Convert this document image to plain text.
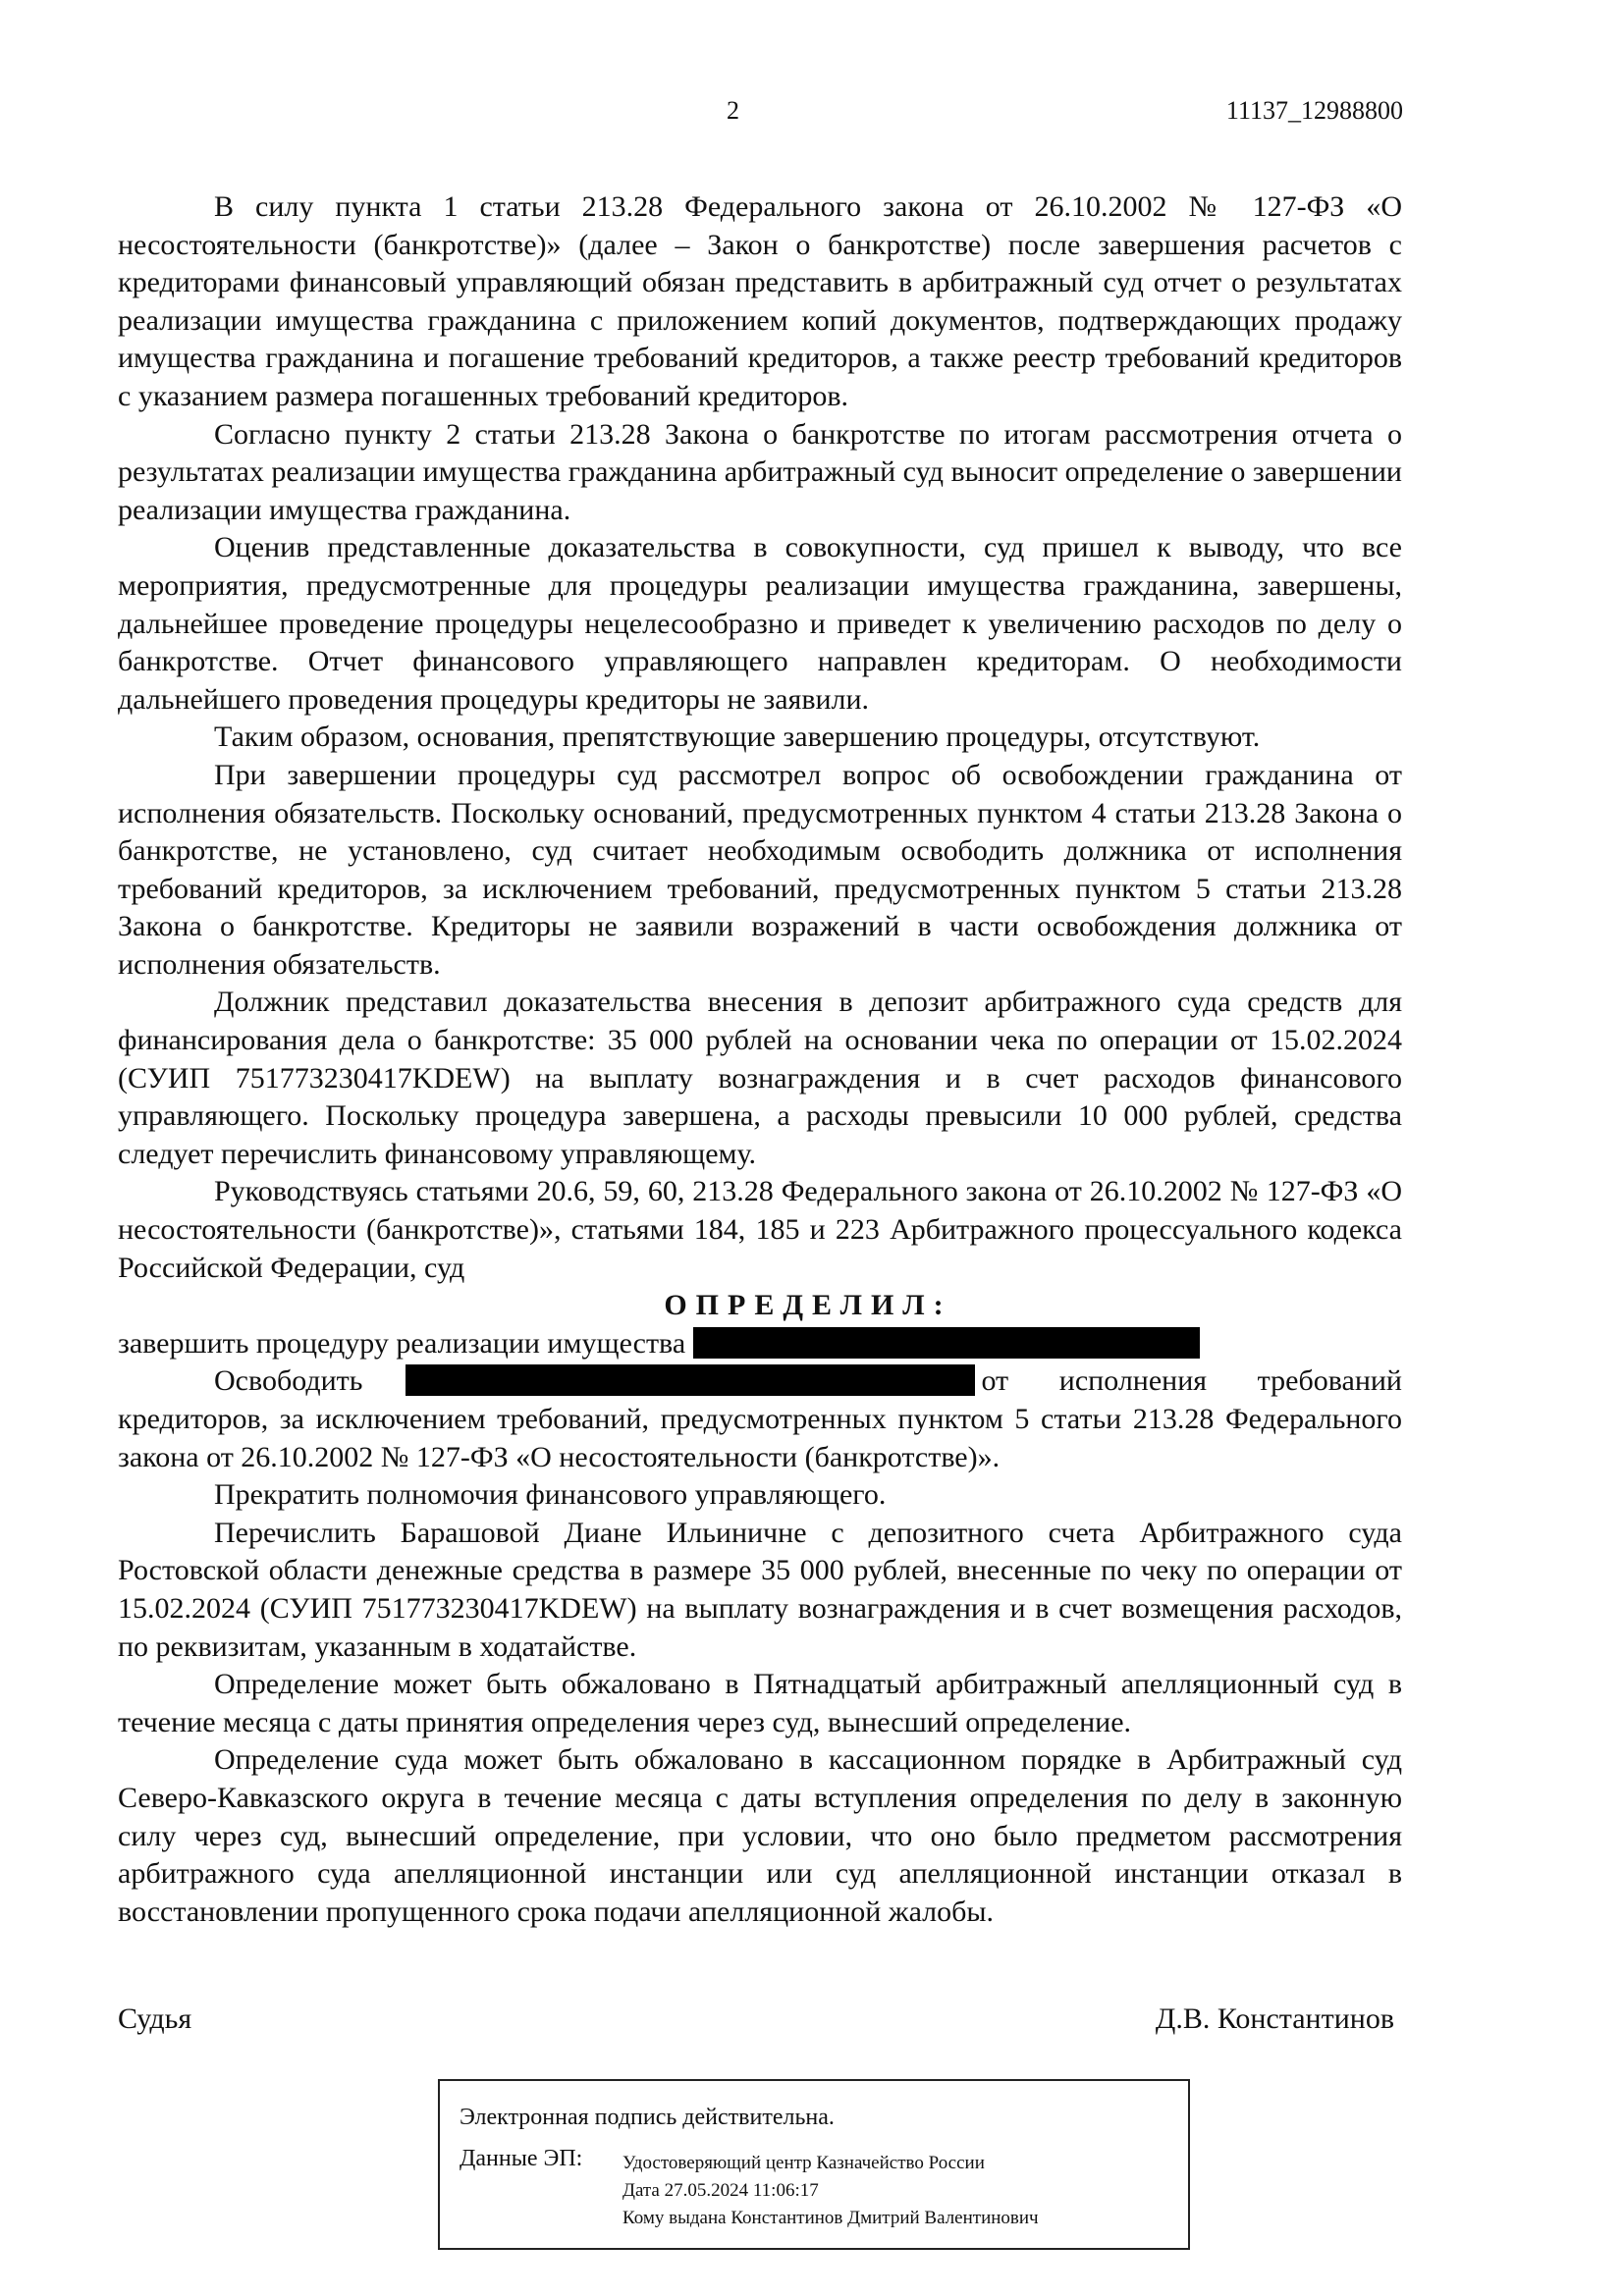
2	11137_12988800

В силу пункта 1 статьи 213.28 Федерального закона от 26.10.2002 № 127-ФЗ «О несостоятельности (банкротстве)» (далее – Закон о банкротстве) после завершения расчетов с кредиторами финансовый управляющий обязан представить в арбитражный суд отчет о результатах реализации имущества гражданина с приложением копий документов, подтверждающих продажу имущества гражданина и погашение требований кредиторов, а также реестр требований кредиторов с указанием размера погашенных требований кредиторов.

Согласно пункту 2 статьи 213.28 Закона о банкротстве по итогам рассмотрения отчета о результатах реализации имущества гражданина арбитражный суд выносит определение о завершении реализации имущества гражданина.

Оценив представленные доказательства в совокупности, суд пришел к выводу, что все мероприятия, предусмотренные для процедуры реализации имущества гражданина, завершены, дальнейшее проведение процедуры нецелесообразно и приведет к увеличению расходов по делу о банкротстве. Отчет финансового управляющего направлен кредиторам. О необходимости дальнейшего проведения процедуры кредиторы не заявили.

Таким образом, основания, препятствующие завершению процедуры, отсутствуют.

При завершении процедуры суд рассмотрел вопрос об освобождении гражданина от исполнения обязательств. Поскольку оснований, предусмотренных пунктом 4 статьи 213.28 Закона о банкротстве, не установлено, суд считает необходимым освободить должника от исполнения требований кредиторов, за исключением требований, предусмотренных пунктом 5 статьи 213.28 Закона о банкротстве. Кредиторы не заявили возражений в части освобождения должника от исполнения обязательств.

Должник представил доказательства внесения в депозит арбитражного суда средств для финансирования дела о банкротстве: 35 000 рублей на основании чека по операции от 15.02.2024 (СУИП 751773230417KDEW) на выплату вознаграждения и в счет расходов финансового управляющего. Поскольку процедура завершена, а расходы превысили 10 000 рублей, средства следует перечислить финансовому управляющему.

Руководствуясь статьями 20.6, 59, 60, 213.28 Федерального закона от 26.10.2002 № 127-ФЗ «О несостоятельности (банкротстве)», статьями 184, 185 и 223 Арбитражного процессуального кодекса Российской Федерации, суд

ОПРЕДЕЛИЛ:

завершить процедуру реализации имущества

Освободить	от исполнения требований кредиторов, за исключением требований, предусмотренных пунктом 5 статьи 213.28 Федерального закона от 26.10.2002 № 127-ФЗ «О несостоятельности (банкротстве)».

Прекратить полномочия финансового управляющего.

Перечислить Барашовой Диане Ильиничне с депозитного счета Арбитражного суда Ростовской области денежные средства в размере 35 000 рублей, внесенные по чеку по операции от 15.02.2024 (СУИП 751773230417KDEW) на выплату вознаграждения и в счет возмещения расходов, по реквизитам, указанным в ходатайстве.

Определение может быть обжаловано в Пятнадцатый арбитражный апелляционный суд в течение месяца с даты принятия определения через суд, вынесший определение.

Определение суда может быть обжаловано в кассационном порядке в Арбитражный суд Северо-Кавказского округа в течение месяца с даты вступления определения по делу в законную силу через суд, вынесший определение, при условии, что оно было предметом рассмотрения арбитражного суда апелляционной инстанции или суд апелляционной инстанции отказал в восстановлении пропущенного срока подачи апелляционной жалобы.

Судья	Д.В. Константинов
Электронная подпись действительна.
Данные ЭП: Удостоверяющий центр Казначейство России
Дата 27.05.2024 11:06:17
Кому выдана Константинов Дмитрий Валентинович
